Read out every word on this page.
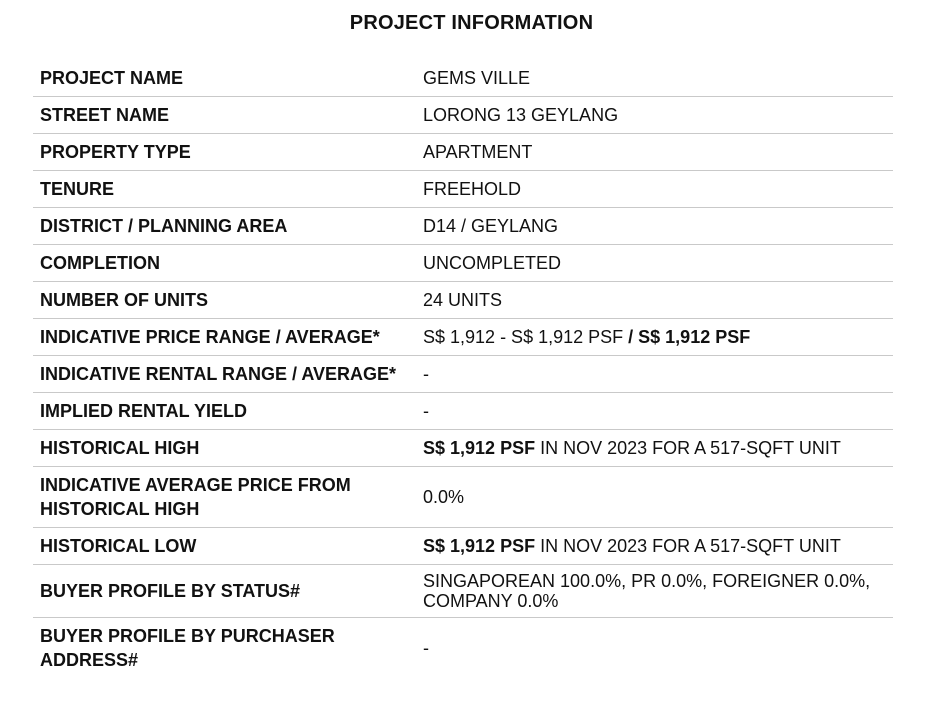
PROJECT INFORMATION
PROJECT NAME	GEMS VILLE
STREET NAME	LORONG 13 GEYLANG
PROPERTY TYPE	APARTMENT
TENURE	FREEHOLD
DISTRICT / PLANNING AREA	D14 / GEYLANG
COMPLETION	UNCOMPLETED
NUMBER OF UNITS	24 UNITS
INDICATIVE PRICE RANGE / AVERAGE*	S$ 1,912 - S$ 1,912 PSF / S$ 1,912 PSF
INDICATIVE RENTAL RANGE / AVERAGE*	-
IMPLIED RENTAL YIELD	-
HISTORICAL HIGH	S$ 1,912 PSF IN NOV 2023 FOR A 517-SQFT UNIT
INDICATIVE AVERAGE PRICE FROM HISTORICAL HIGH	0.0%
HISTORICAL LOW	S$ 1,912 PSF IN NOV 2023 FOR A 517-SQFT UNIT
BUYER PROFILE BY STATUS#	SINGAPOREAN 100.0%, PR 0.0%, FOREIGNER 0.0%, COMPANY 0.0%
BUYER PROFILE BY PURCHASER ADDRESS#	-
